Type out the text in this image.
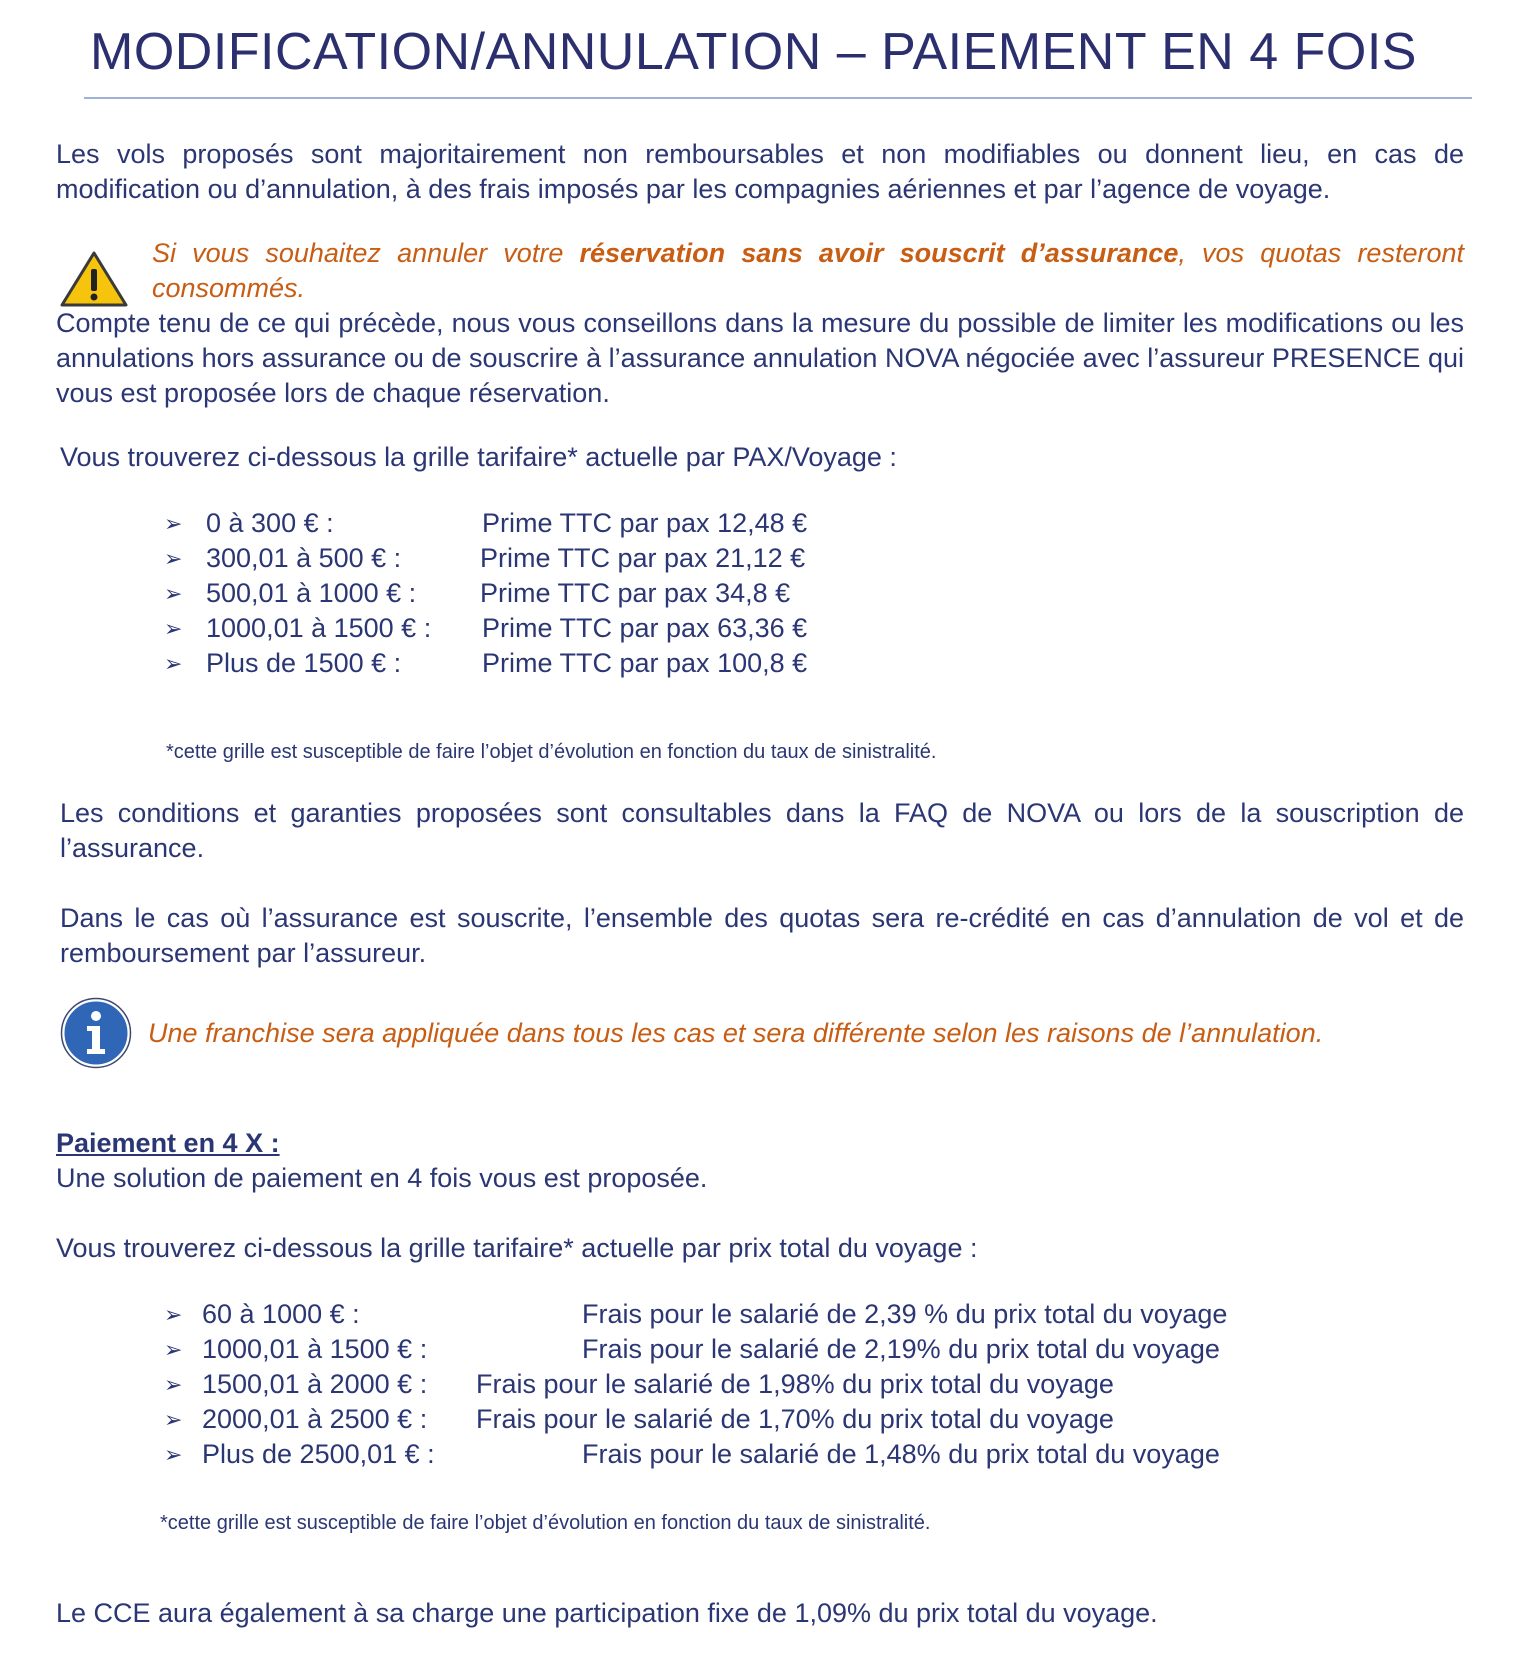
MODIFICATION/ANNULATION – PAIEMENT EN 4 FOIS
Les vols proposés sont majoritairement non remboursables et non modifiables ou donnent lieu, en cas de modification ou d’annulation, à des frais imposés par les compagnies aériennes et par l’agence de voyage.
Si vous souhaitez annuler votre réservation sans avoir souscrit d’assurance, vos quotas resteront consommés.
Compte tenu de ce qui précède, nous vous conseillons dans la mesure du possible de limiter les modifications ou les annulations hors assurance ou de souscrire à l’assurance annulation NOVA négociée avec l’assureur PRESENCE qui vous est proposée lors de chaque réservation.
Vous trouverez ci-dessous la grille tarifaire* actuelle par PAX/Voyage :
➢ 0 à 300 € :	Prime TTC par pax 12,48 €
➢ 300,01 à 500 € :	Prime TTC par pax 21,12 €
➢ 500,01 à 1000 € : Prime TTC par pax 34,8 €
➢ 1000,01 à 1500 € : Prime TTC par pax 63,36 €
➢ Plus de 1500 € :	Prime TTC par pax 100,8 €
*cette grille est susceptible de faire l’objet d’évolution en fonction du taux de sinistralité.
Les conditions et garanties proposées sont consultables dans la FAQ de NOVA ou lors de la souscription de l’assurance.
Dans le cas où l’assurance est souscrite, l’ensemble des quotas sera re-crédité en cas d’annulation de vol et de remboursement par l’assureur.
Une franchise sera appliquée dans tous les cas et sera différente selon les raisons de l’annulation.
Paiement en 4 X :
Une solution de paiement en 4 fois vous est proposée.
Vous trouverez ci-dessous la grille tarifaire* actuelle par prix total du voyage :
➢ 60 à 1000 € :	Frais pour le salarié de 2,39 % du prix total du voyage
➢ 1000,01 à 1500 € :	Frais pour le salarié de 2,19% du prix total du voyage
➢ 1500,01 à 2000 € : Frais pour le salarié de 1,98% du prix total du voyage
➢ 2000,01 à 2500 € : Frais pour le salarié de 1,70% du prix total du voyage
➢ Plus de 2500,01 € :	Frais pour le salarié de 1,48% du prix total du voyage
*cette grille est susceptible de faire l’objet d’évolution en fonction du taux de sinistralité.
Le CCE aura également à sa charge une participation fixe de 1,09% du prix total du voyage.
